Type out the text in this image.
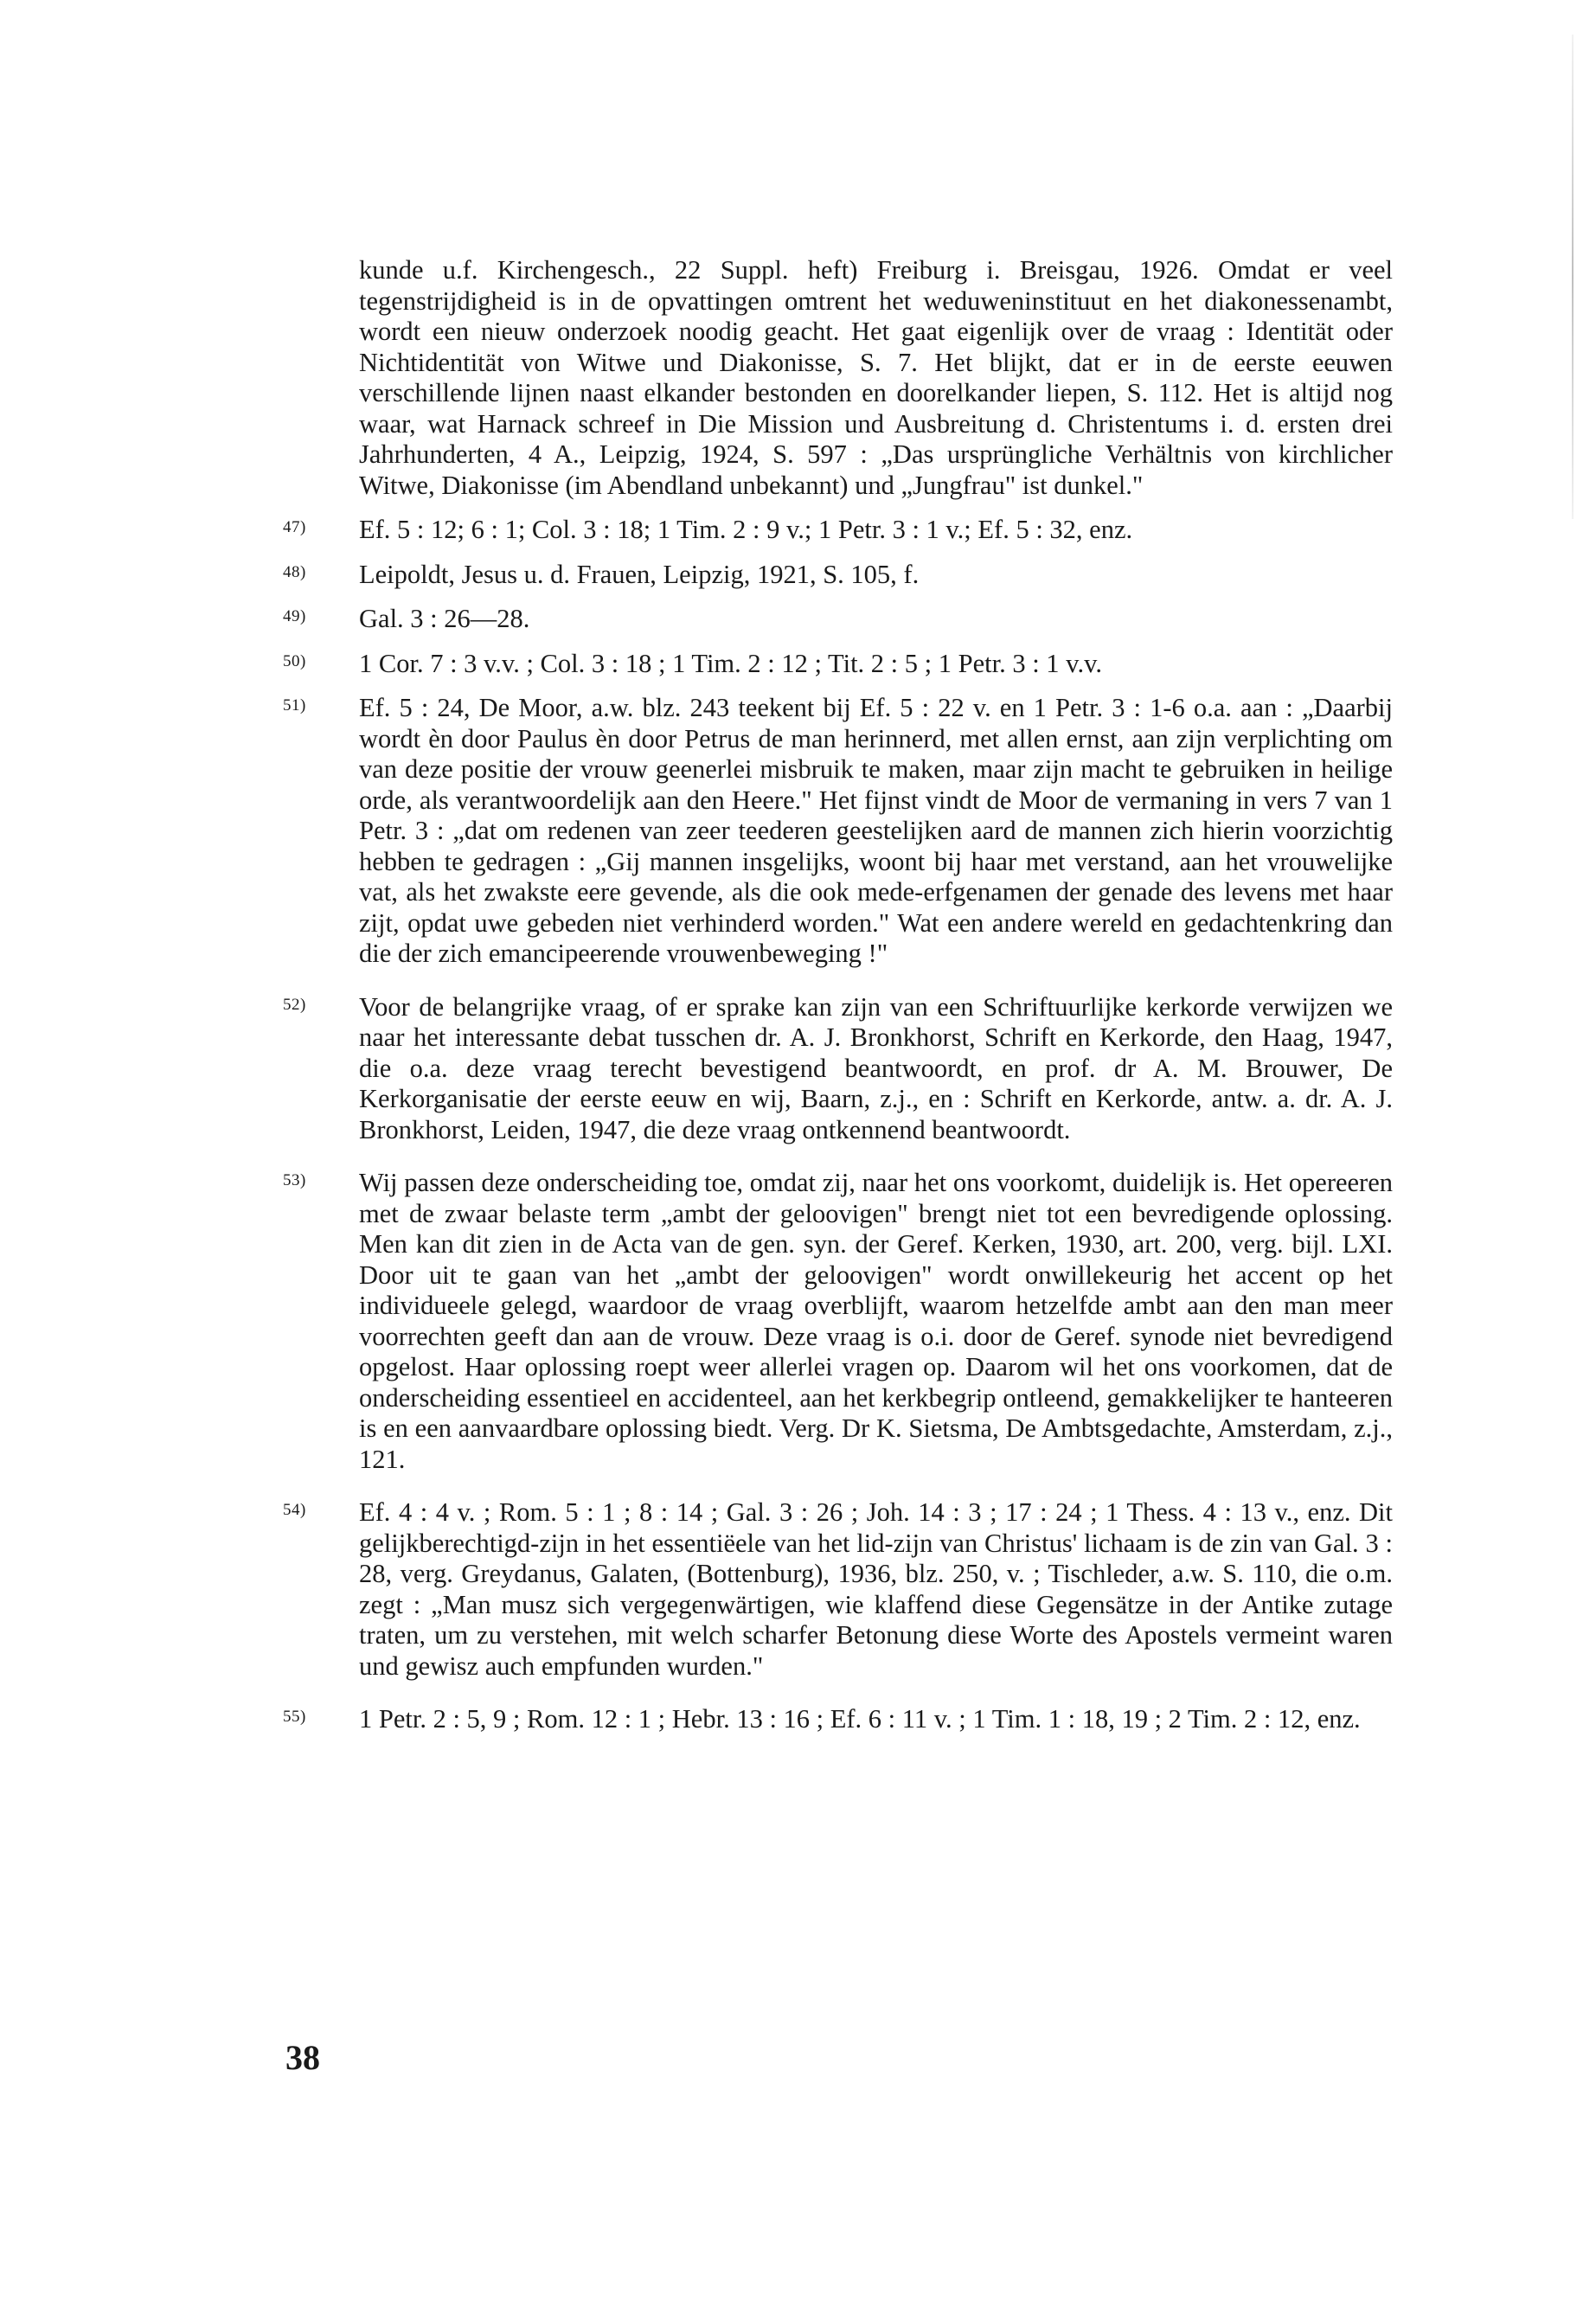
kunde u.f. Kirchengesch., 22 Suppl. heft) Freiburg i. Breisgau, 1926. Omdat er veel tegenstrijdigheid is in de opvattingen omtrent het weduweninstituut en het diakonessenambt, wordt een nieuw onderzoek noodig geacht. Het gaat eigenlijk over de vraag : Identität oder Nichtidentität von Witwe und Diakonisse, S. 7. Het blijkt, dat er in de eerste eeuwen verschillende lijnen naast elkander bestonden en doorelkander liepen, S. 112. Het is altijd nog waar, wat Harnack schreef in Die Mission und Ausbreitung d. Christentums i. d. ersten drei Jahrhunderten, 4 A., Leipzig, 1924, S. 597 : „Das ursprüngliche Verhältnis von kirchlicher Witwe, Diakonisse (im Abendland unbekannt) und „Jungfrau" ist dunkel."

47)	Ef. 5 : 12; 6 : 1; Col. 3 : 18; 1 Tim. 2 : 9 v.; 1 Petr. 3 : 1 v.; Ef. 5 : 32, enz.
48)	Leipoldt, Jesus u. d. Frauen, Leipzig, 1921, S. 105, f.
49)	Gal. 3 : 26—28.
50)	1 Cor. 7 : 3 v.v. ; Col. 3 : 18 ; 1 Tim. 2 : 12 ; Tit. 2 : 5 ; 1 Petr. 3 : 1 v.v.
51)	Ef. 5 : 24, De Moor, a.w. blz. 243 teekent bij Ef. 5 : 22 v. en 1 Petr. 3 : 1-6 o.a. aan : „Daarbij wordt èn door Paulus èn door Petrus de man herinnerd, met allen ernst, aan zijn verplichting om van deze positie der vrouw geenerlei misbruik te maken, maar zijn macht te gebruiken in heilige orde, als verantwoordelijk aan den Heere." Het fijnst vindt de Moor de vermaning in vers 7 van 1 Petr. 3 : „dat om redenen van zeer teederen geestelijken aard de mannen zich hierin voorzichtig hebben te gedragen : „Gij mannen insgelijks, woont bij haar met verstand, aan het vrouwelijke vat, als het zwakste eere gevende, als die ook mede-erfgenamen der genade des levens met haar zijt, opdat uwe gebeden niet verhinderd worden." Wat een andere wereld en gedachtenkring dan die der zich emancipeerende vrouwenbeweging !"
52)	Voor de belangrijke vraag, of er sprake kan zijn van een Schriftuurlijke kerkorde verwijzen we naar het interessante debat tusschen dr. A. J. Bronkhorst, Schrift en Kerkorde, den Haag, 1947, die o.a. deze vraag terecht bevestigend beantwoordt, en prof. dr A. M. Brouwer, De Kerkorganisatie der eerste eeuw en wij, Baarn, z.j., en : Schrift en Kerkorde, antw. a. dr. A. J. Bronkhorst, Leiden, 1947, die deze vraag ontkennend beantwoordt.
53)	Wij passen deze onderscheiding toe, omdat zij, naar het ons voorkomt, duidelijk is. Het opereeren met de zwaar belaste term „ambt der geloovigen" brengt niet tot een bevredigende oplossing. Men kan dit zien in de Acta van de gen. syn. der Geref. Kerken, 1930, art. 200, verg. bijl. LXI. Door uit te gaan van het „ambt der geloovigen" wordt onwillekeurig het accent op het individueele gelegd, waardoor de vraag overblijft, waarom hetzelfde ambt aan den man meer voorrechten geeft dan aan de vrouw. Deze vraag is o.i. door de Geref. synode niet bevredigend opgelost. Haar oplossing roept weer allerlei vragen op. Daarom wil het ons voorkomen, dat de onderscheiding essentieel en accidenteel, aan het kerkbegrip ontleend, gemakkelijker te hanteeren is en een aanvaardbare oplossing biedt. Verg. Dr K. Sietsma, De Ambtsgedachte, Amsterdam, z.j., 121.
54)	Ef. 4 : 4 v. ; Rom. 5 : 1 ; 8 : 14 ; Gal. 3 : 26 ; Joh. 14 : 3 ; 17 : 24 ; 1 Thess. 4 : 13 v., enz. Dit gelijkberechtigd-zijn in het essentiëele van het lid-zijn van Christus' lichaam is de zin van Gal. 3 : 28, verg. Greydanus, Galaten, (Bottenburg), 1936, blz. 250, v. ; Tischleder, a.w. S. 110, die o.m. zegt : „Man musz sich vergegenwärtigen, wie klaffend diese Gegensätze in der Antike zutage traten, um zu verstehen, mit welch scharfer Betonung diese Worte des Apostels vermeint waren und gewisz auch empfunden wurden."
55)	1 Petr. 2 : 5, 9 ; Rom. 12 : 1 ; Hebr. 13 : 16 ; Ef. 6 : 11 v. ; 1 Tim. 1 : 18, 19 ; 2 Tim. 2 : 12, enz.
38
